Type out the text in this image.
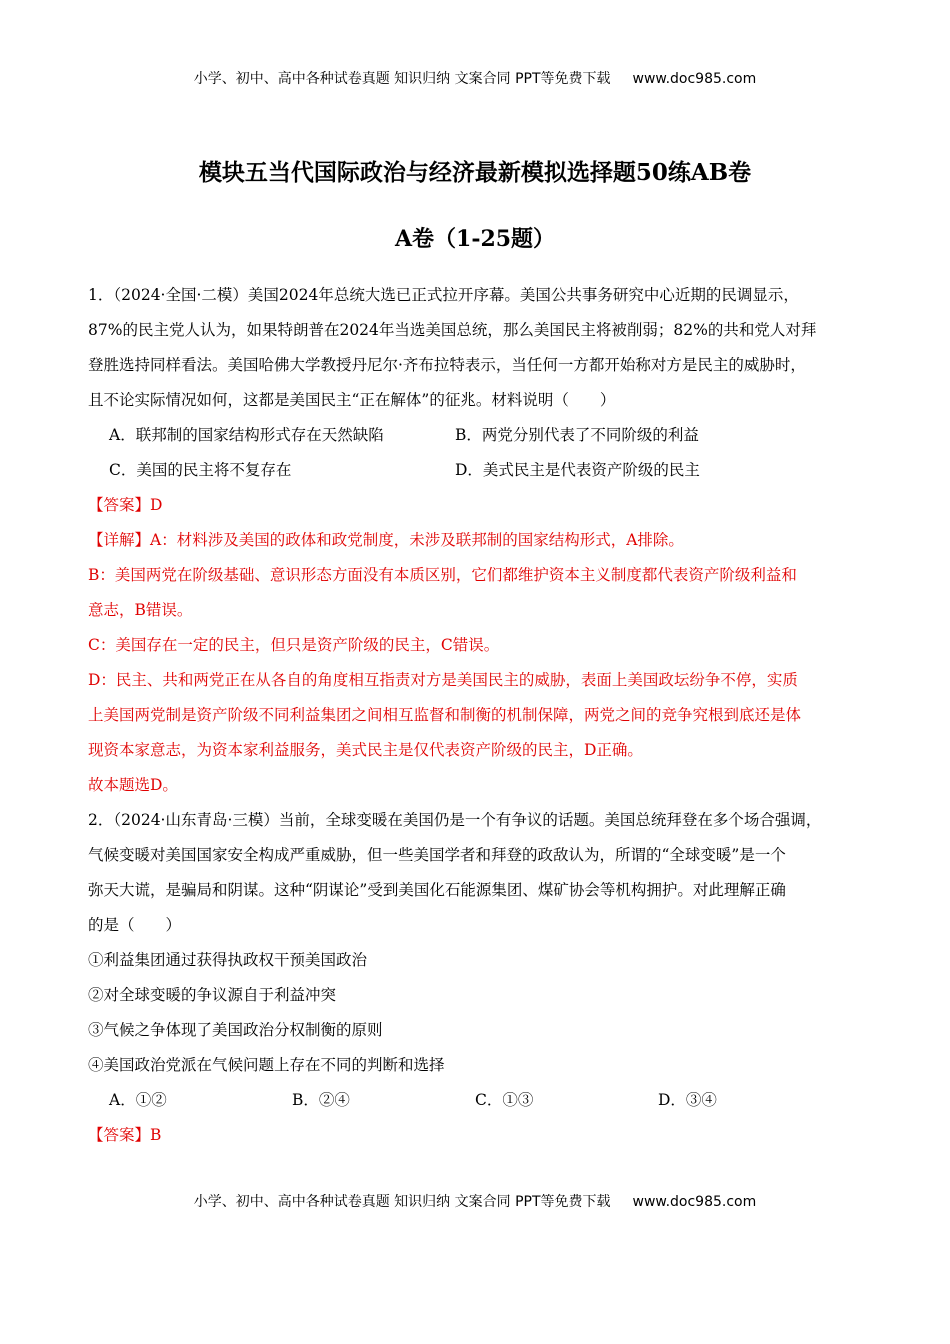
小学、初中、高中各种试卷真题 知识归纳 文案合同 PPT等免费下载 www.doc985.com
模块五当代国际政治与经济最新模拟选择题50练AB卷
A卷（1-25题）

1．（2024·全国·二模）美国2024年总统大选已正式拉开序幕。美国公共事务研究中心近期的民调显示，

87%的民主党人认为，如果特朗普在2024年当选美国总统，那么美国民主将被削弱；82%的共和党人对拜

登胜选持同样看法。美国哈佛大学教授丹尼尔·齐布拉特表示，当任何一方都开始称对方是民主的威胁时，

且不论实际情况如何，这都是美国民主“正在解体”的征兆。材料说明（　　）

A．联邦制的国家结构形式存在天然缺陷	B．两党分别代表了不同阶级的利益
C．美国的民主将不复存在	D．美式民主是代表资产阶级的民主

【答案】D

【详解】A：材料涉及美国的政体和政党制度，未涉及联邦制的国家结构形式，A排除。

B：美国两党在阶级基础、意识形态方面没有本质区别，它们都维护资本主义制度都代表资产阶级利益和

意志，B错误。

C：美国存在一定的民主，但只是资产阶级的民主，C错误。

D：民主、共和两党正在从各自的角度相互指责对方是美国民主的威胁，表面上美国政坛纷争不停，实质

上美国两党制是资产阶级不同利益集团之间相互监督和制衡的机制保障，两党之间的竞争究根到底还是体

现资本家意志，为资本家利益服务，美式民主是仅代表资产阶级的民主，D正确。

故本题选D。

2．（2024·山东青岛·三模）当前，全球变暖在美国仍是一个有争议的话题。美国总统拜登在多个场合强调，

气候变暖对美国国家安全构成严重威胁，但一些美国学者和拜登的政敌认为，所谓的“全球变暖”是一个

弥天大谎，是骗局和阴谋。这种“阴谋论”受到美国化石能源集团、煤矿协会等机构拥护。对此理解正确

的是（　　）

①利益集团通过获得执政权干预美国政治

②对全球变暖的争议源自于利益冲突

③气候之争体现了美国政治分权制衡的原则

④美国政治党派在气候问题上存在不同的判断和选择

A．①②	B．②④	C．①③	D．③④

【答案】B

小学、初中、高中各种试卷真题 知识归纳 文案合同 PPT等免费下载 www.doc985.com
